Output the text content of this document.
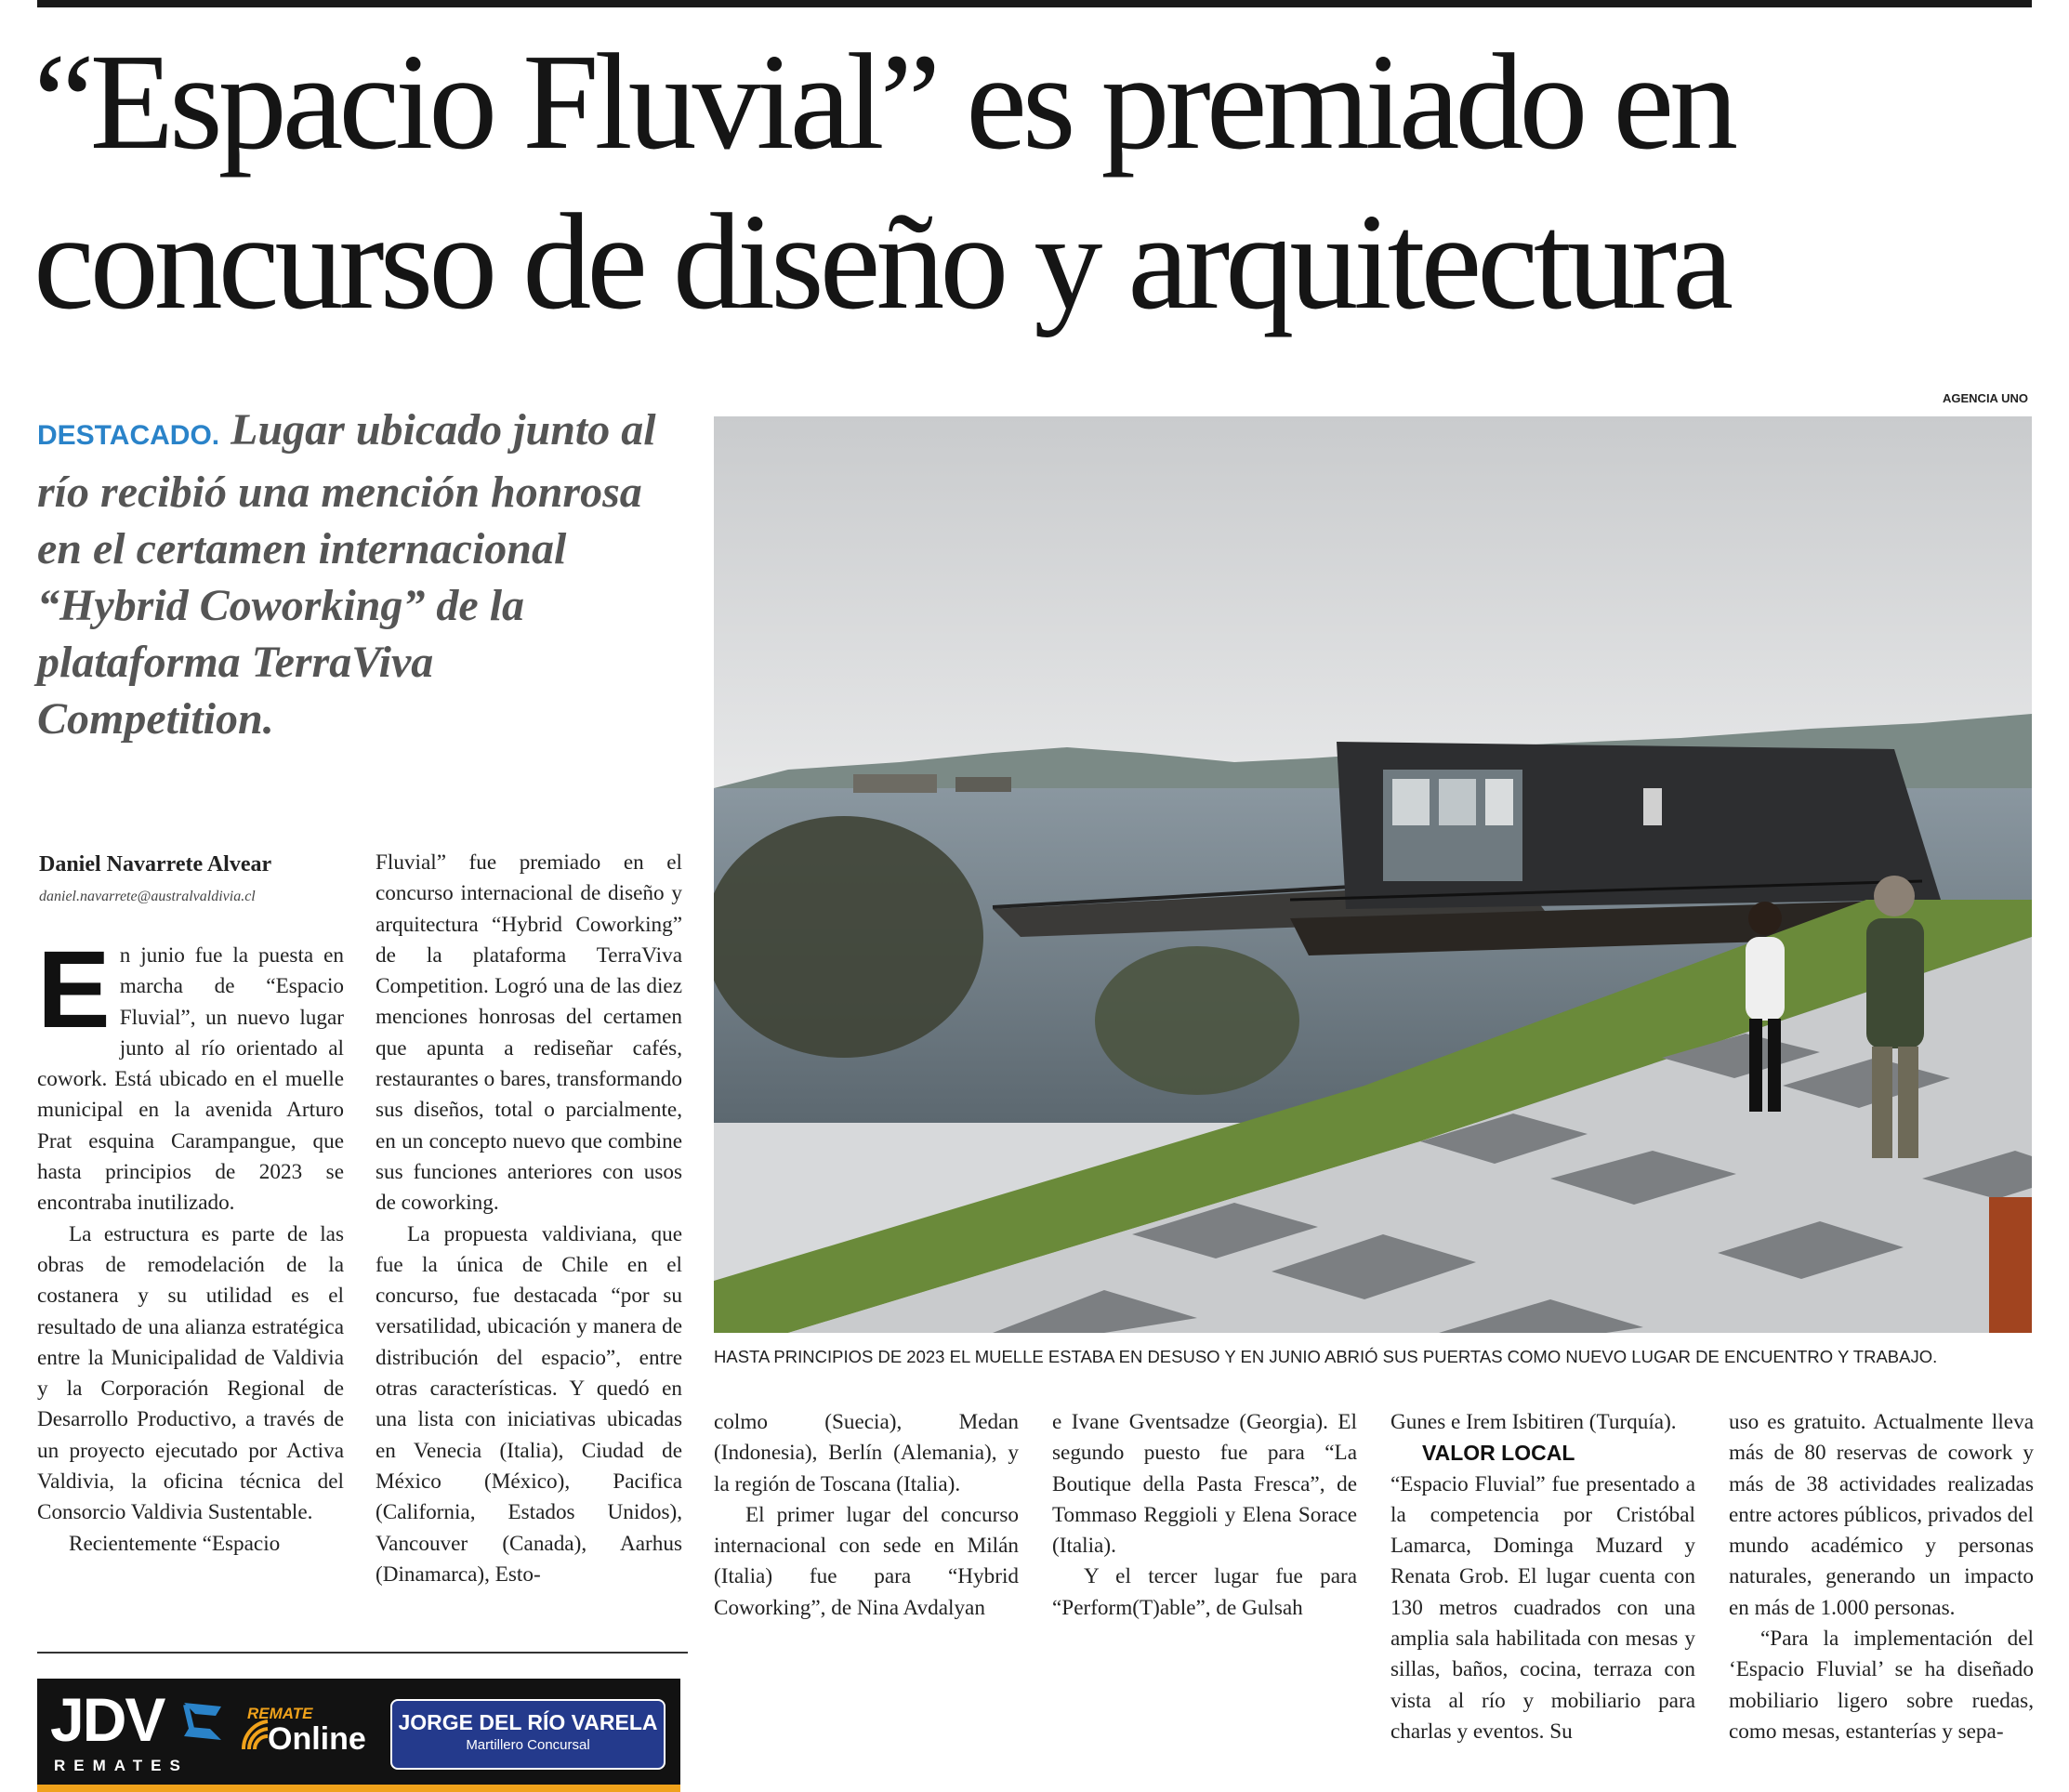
“Espacio Fluvial” es premiado en
concurso de diseño y arquitectura
DESTACADO. Lugar ubicado junto al río recibió una mención honrosa en el certamen internacional “Hybrid Coworking” de la plataforma TerraViva Competition.
Daniel Navarrete Alvear
daniel.navarrete@australvaldivia.cl

En junio fue la puesta en marcha de “Espacio Fluvial”, un nuevo lugar junto al río orientado al cowork. Está ubicado en el muelle municipal en la avenida Arturo Prat esquina Carampangue, que hasta principios de 2023 se encontraba inutilizado.

La estructura es parte de las obras de remodelación de la costanera y su utilidad es el resultado de una alianza estratégica entre la Municipalidad de Valdivia y la Corporación Regional de Desarrollo Productivo, a través de un proyecto ejecutado por Activa Valdivia, la oficina técnica del Consorcio Valdivia Sustentable.

Recientemente “Espacio

Fluvial” fue premiado en el concurso internacional de diseño y arquitectura “Hybrid Coworking” de la plataforma TerraViva Competition. Logró una de las diez menciones honrosas del certamen que apunta a rediseñar cafés, restaurantes o bares, transformando sus diseños, total o parcialmente, en un concepto nuevo que combine sus funciones anteriores con usos de coworking.

La propuesta valdiviana, que fue la única de Chile en el concurso, fue destacada “por su versatilidad, ubicación y manera de distribución del espacio”, entre otras características. Y quedó en una lista con iniciativas ubicadas en Venecia (Italia), Ciudad de México (México), Pacifica (California, Estados Unidos), Vancouver (Canada), Aarhus (Dinamarca), Esto-

AGENCIA UNO
HASTA PRINCIPIOS DE 2023 EL MUELLE ESTABA EN DESUSO Y EN JUNIO ABRIÓ SUS PUERTAS COMO NUEVO LUGAR DE ENCUENTRO Y TRABAJO.

colmo (Suecia), Medan (Indonesia), Berlín (Alemania), y la región de Toscana (Italia).

El primer lugar del concurso internacional con sede en Milán (Italia) fue para “Hybrid Coworking”, de Nina Avdalyan

e Ivane Gventsadze (Georgia). El segundo puesto fue para “La Boutique della Pasta Fresca”, de Tommaso Reggioli y Elena Sorace (Italia).

Y el tercer lugar fue para “Perform(T)able”, de Gulsah

Gunes e Irem Isbitiren (Turquía).

VALOR LOCAL

“Espacio Fluvial” fue presentado a la competencia por Cristóbal Lamarca, Dominga Muzard y Renata Grob. El lugar cuenta con 130 metros cuadrados con una amplia sala habilitada con mesas y sillas, baños, cocina, terraza con vista al río y mobiliario para charlas y eventos. Su

uso es gratuito. Actualmente lleva más de 80 reservas de cowork y más de 38 actividades realizadas entre actores públicos, privados del mundo académico y personas naturales, generando un impacto en más de 1.000 personas.

“Para la implementación del ‘Espacio Fluvial’ se ha diseñado mobiliario ligero sobre ruedas, como mesas, estanterías y sepa-

JDV
REMATES
REMATE
Online JORGE DEL RÍO VARELA
Martillero Concursal
